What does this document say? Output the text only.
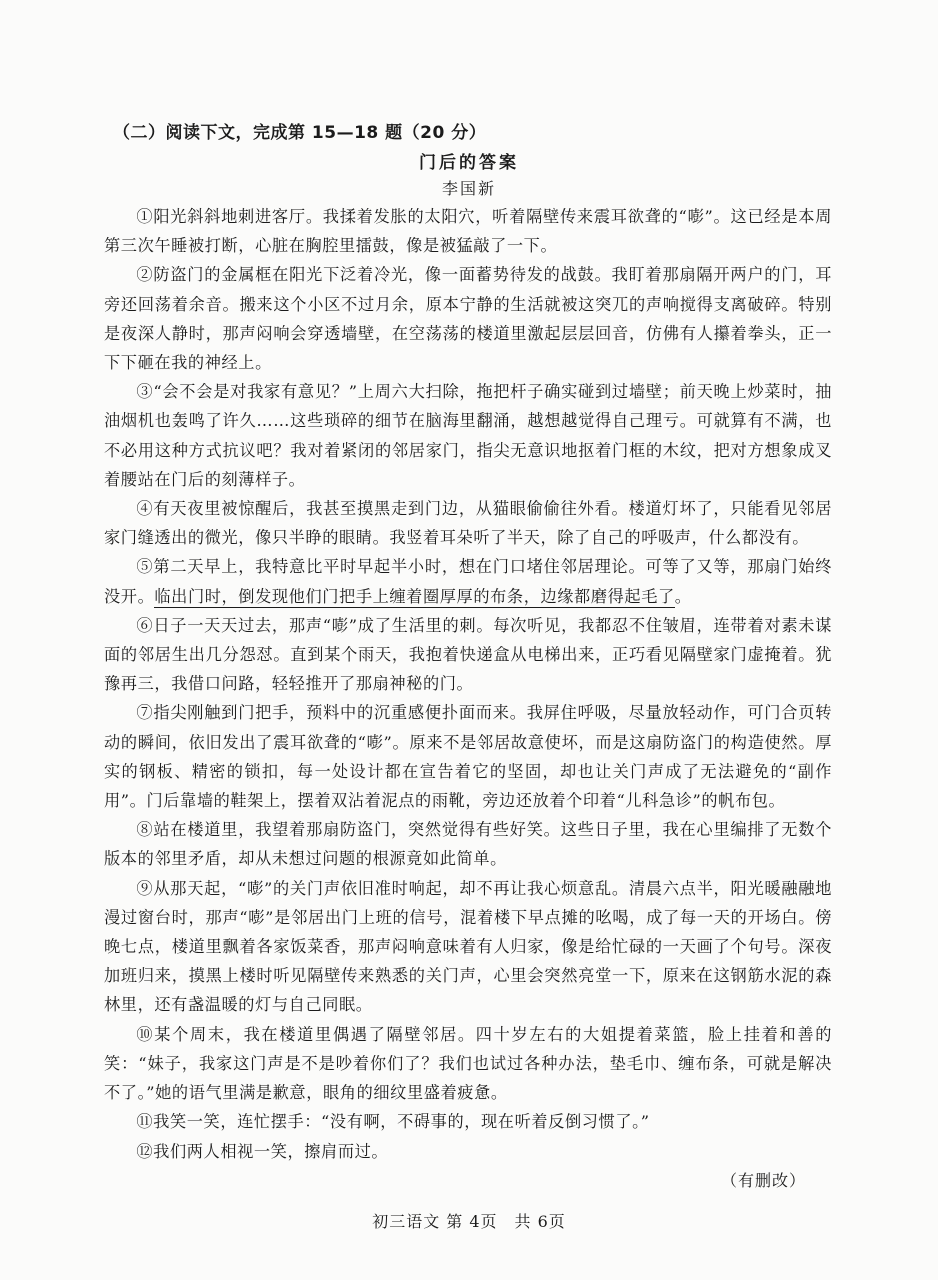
（二）阅读下文，完成第 15—18 题（20 分）
门后的答案
李国新

①阳光斜斜地刺进客厅。我揉着发胀的太阳穴，听着隔壁传来震耳欲聋的“嘭”。这已经是本周第三次午睡被打断，心脏在胸腔里擂鼓，像是被猛敲了一下。

②防盗门的金属框在阳光下泛着冷光，像一面蓄势待发的战鼓。我盯着那扇隔开两户的门，耳旁还回荡着余音。搬来这个小区不过月余，原本宁静的生活就被这突兀的声响搅得支离破碎。特别是夜深人静时，那声闷响会穿透墙壁，在空荡荡的楼道里激起层层回音，仿佛有人攥着拳头，正一下下砸在我的神经上。

③“会不会是对我家有意见？”上周六大扫除，拖把杆子确实碰到过墙壁；前天晚上炒菜时，抽油烟机也轰鸣了许久……这些琐碎的细节在脑海里翻涌，越想越觉得自己理亏。可就算有不满，也不必用这种方式抗议吧？我对着紧闭的邻居家门，指尖无意识地抠着门框的木纹，把对方想象成叉着腰站在门后的刻薄样子。

④有天夜里被惊醒后，我甚至摸黑走到门边，从猫眼偷偷往外看。楼道灯坏了，只能看见邻居家门缝透出的微光，像只半睁的眼睛。我竖着耳朵听了半天，除了自己的呼吸声，什么都没有。

⑤第二天早上，我特意比平时早起半小时，想在门口堵住邻居理论。可等了又等，那扇门始终没开。临出门时，倒发现他们门把手上缠着圈厚厚的布条，边缘都磨得起毛了。

⑥日子一天天过去，那声“嘭”成了生活里的刺。每次听见，我都忍不住皱眉，连带着对素未谋面的邻居生出几分怨怼。直到某个雨天，我抱着快递盒从电梯出来，正巧看见隔壁家门虚掩着。犹豫再三，我借口问路，轻轻推开了那扇神秘的门。

⑦指尖刚触到门把手，预料中的沉重感便扑面而来。我屏住呼吸，尽量放轻动作，可门合页转动的瞬间，依旧发出了震耳欲聋的“嘭”。原来不是邻居故意使坏，而是这扇防盗门的构造使然。厚实的钢板、精密的锁扣，每一处设计都在宣告着它的坚固，却也让关门声成了无法避免的“副作用”。门后靠墙的鞋架上，摆着双沾着泥点的雨靴，旁边还放着个印着“儿科急诊”的帆布包。

⑧站在楼道里，我望着那扇防盗门，突然觉得有些好笑。这些日子里，我在心里编排了无数个版本的邻里矛盾，却从未想过问题的根源竟如此简单。

⑨从那天起，“嘭”的关门声依旧准时响起，却不再让我心烦意乱。清晨六点半，阳光暖融融地漫过窗台时，那声“嘭”是邻居出门上班的信号，混着楼下早点摊的吆喝，成了每一天的开场白。傍晚七点，楼道里飘着各家饭菜香，那声闷响意味着有人归家，像是给忙碌的一天画了个句号。深夜加班归来，摸黑上楼时听见隔壁传来熟悉的关门声，心里会突然亮堂一下，原来在这钢筋水泥的森林里，还有盏温暖的灯与自己同眠。

⑩某个周末，我在楼道里偶遇了隔壁邻居。四十岁左右的大姐提着菜篮，脸上挂着和善的笑：“妹子，我家这门声是不是吵着你们了？我们也试过各种办法，垫毛巾、缠布条，可就是解决不了。”她的语气里满是歉意，眼角的细纹里盛着疲惫。

⑪我笑一笑，连忙摆手：“没有啊，不碍事的，现在听着反倒习惯了。”

⑫我们两人相视一笑，擦肩而过。

（有删改）
初三语文 第 4页　共 6页
